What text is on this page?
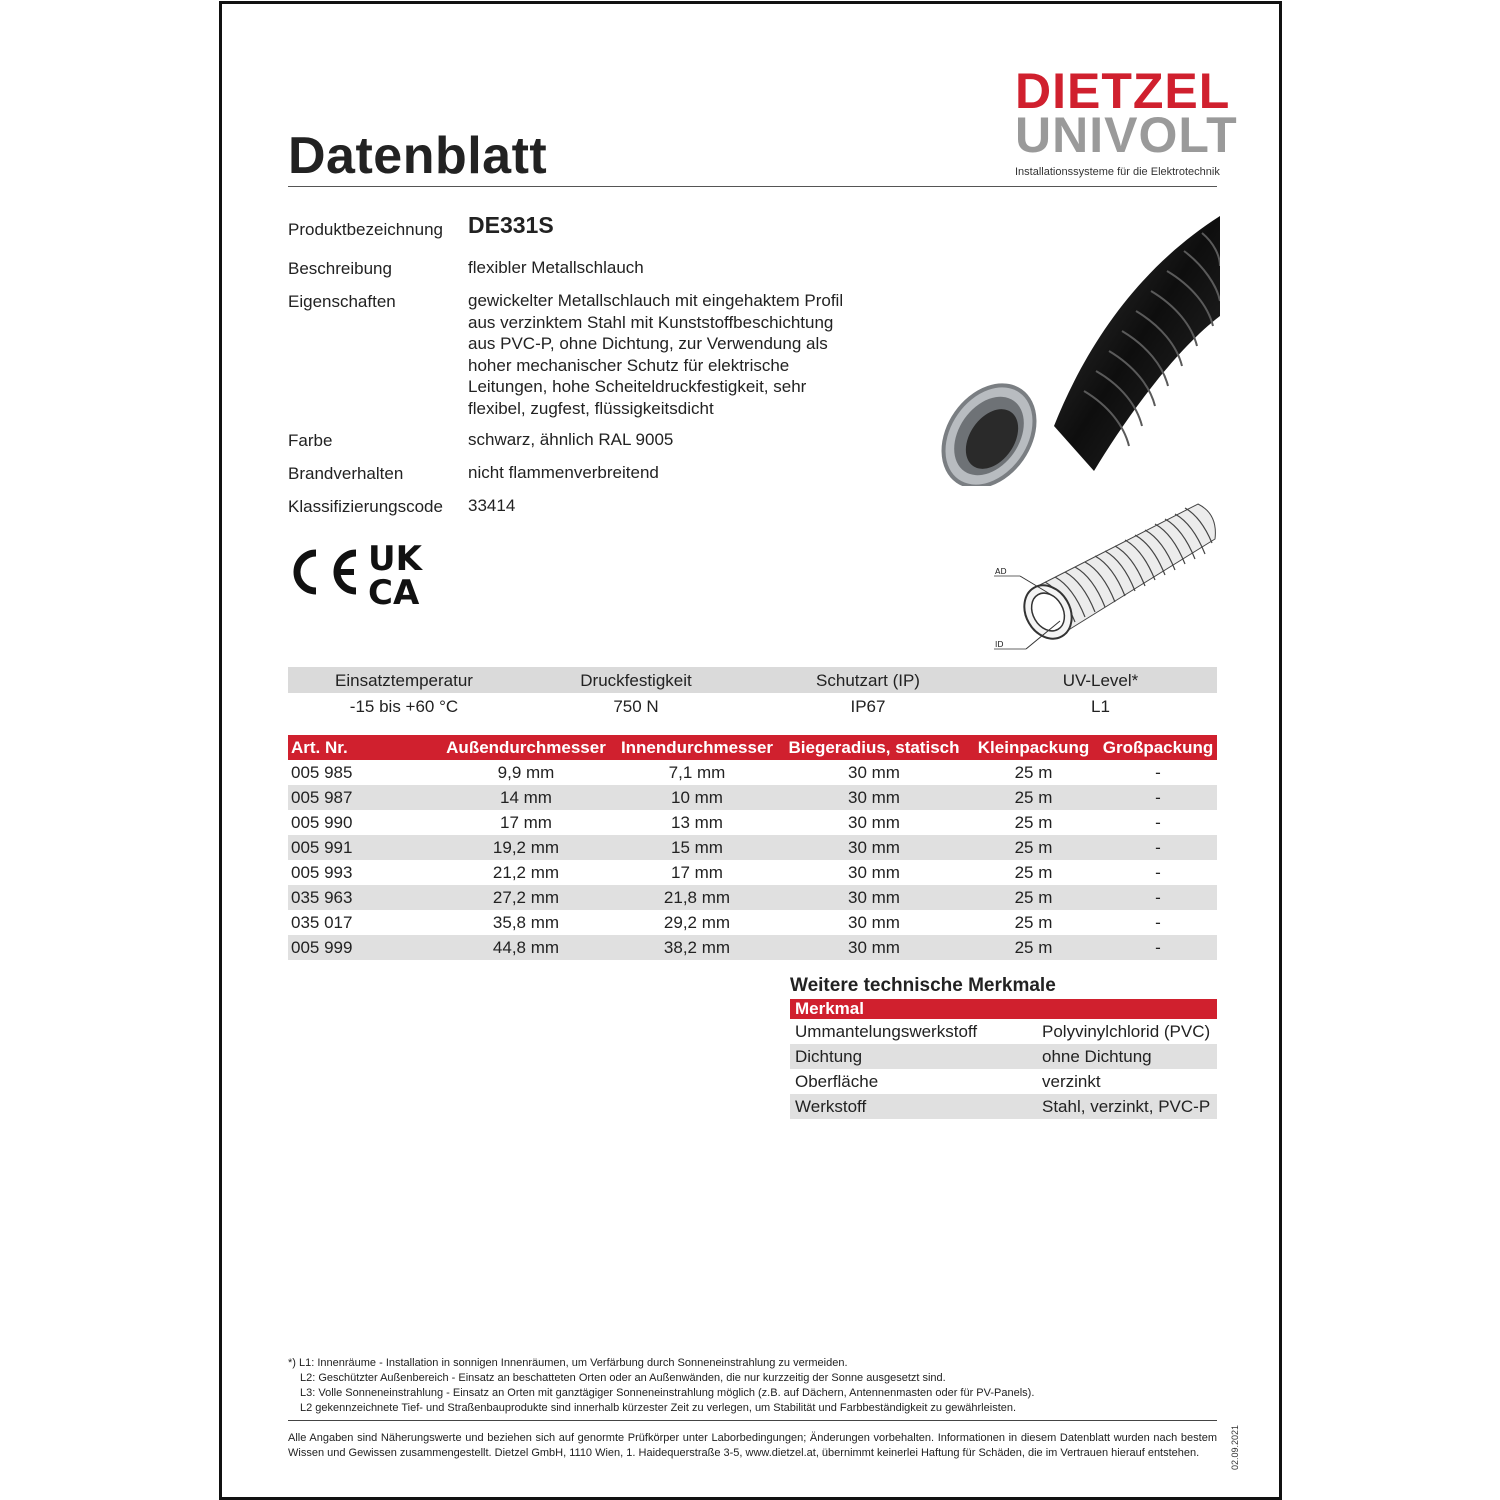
Datenblatt
DIETZEL
UNIVOLT
Installationssysteme für die Elektrotechnik
Produktbezeichnung DE331S
Beschreibung	flexibler Metallschlauch
Eigenschaften	gewickelter Metallschlauch mit eingehaktem Profil
aus verzinktem Stahl mit Kunststoffbeschichtung
aus PVC-P, ohne Dichtung, zur Verwendung als
hoher mechanischer Schutz für elektrische
Leitungen, hohe Scheiteldruckfestigkeit, sehr
flexibel, zugfest, flüssigkeitsdicht
Farbe	schwarz, ähnlich RAL 9005
Brandverhalten	nicht flammenverbreitend
Klassifizierungscode 33414
UK
CA
AD
ID
Einsatztemperatur	Druckfestigkeit	Schutzart (IP)	UV-Level*
-15 bis +60 °C	750 N	IP67	L1
Art. Nr.	Außendurchmesser	Innendurchmesser	Biegeradius, statisch	Kleinpackung	Großpackung
005 985	9,9 mm	7,1 mm	30 mm	25 m	-
005 987	14 mm	10 mm	30 mm	25 m	-
005 990	17 mm	13 mm	30 mm	25 m	-
005 991	19,2 mm	15 mm	30 mm	25 m	-
005 993	21,2 mm	17 mm	30 mm	25 m	-
035 963	27,2 mm	21,8 mm	30 mm	25 m	-
035 017	35,8 mm	29,2 mm	30 mm	25 m	-
005 999	44,8 mm	38,2 mm	30 mm	25 m	-
Weitere technische Merkmale
Merkmal	
Ummantelungswerkstoff	Polyvinylchlorid (PVC)
Dichtung	ohne Dichtung
Oberfläche	verzinkt
Werkstoff	Stahl, verzinkt, PVC-P
*) L1: Innenräume - Installation in sonnigen Innenräumen, um Verfärbung durch Sonneneinstrahlung zu vermeiden.
L2: Geschützter Außenbereich - Einsatz an beschatteten Orten oder an Außenwänden, die nur kurzzeitig der Sonne ausgesetzt sind.
L3: Volle Sonneneinstrahlung - Einsatz an Orten mit ganztägiger Sonneneinstrahlung möglich (z.B. auf Dächern, Antennenmasten oder für PV-Panels).
L2 gekennzeichnete Tief- und Straßenbauprodukte sind innerhalb kürzester Zeit zu verlegen, um Stabilität und Farbbeständigkeit zu gewährleisten.
Alle Angaben sind Näherungswerte und beziehen sich auf genormte Prüfkörper unter Laborbedingungen; Änderungen vorbehalten. Informationen in diesem Datenblatt wurden nach bestem Wissen und Gewissen zusammengestellt. Dietzel GmbH, 1110 Wien, 1. Haidequerstraße 3-5, www.dietzel.at, übernimmt keinerlei Haftung für Schäden, die im Vertrauen hierauf entstehen.	02.09.2021
